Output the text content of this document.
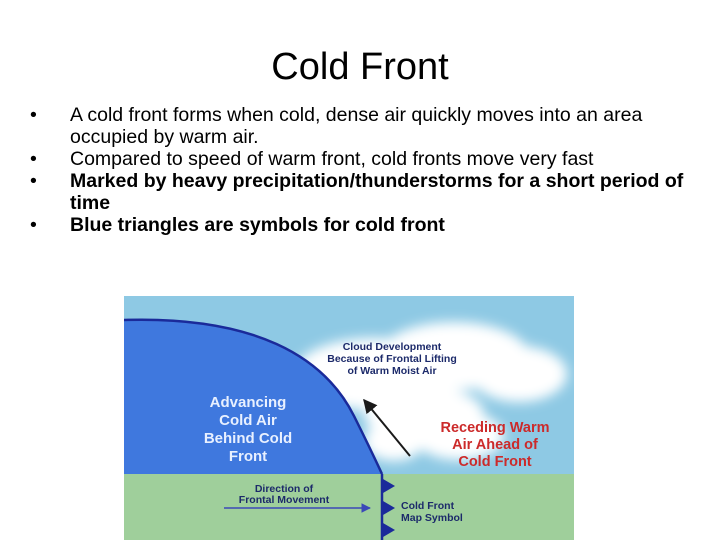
Cold Front
•	A cold front forms when cold, dense air quickly moves into an area occupied by warm air.
•	Compared to speed of warm front, cold fronts move very fast
•	Marked by heavy precipitation/thunderstorms for a short period of time
•	Blue triangles are symbols for cold front
Cloud Development
Because of Frontal Lifting
of Warm Moist Air
Advancing
Cold Air
Behind Cold
Front
Receding Warm
Air Ahead of
Cold Front
Direction of
Frontal Movement	Cold Front
Map Symbol
